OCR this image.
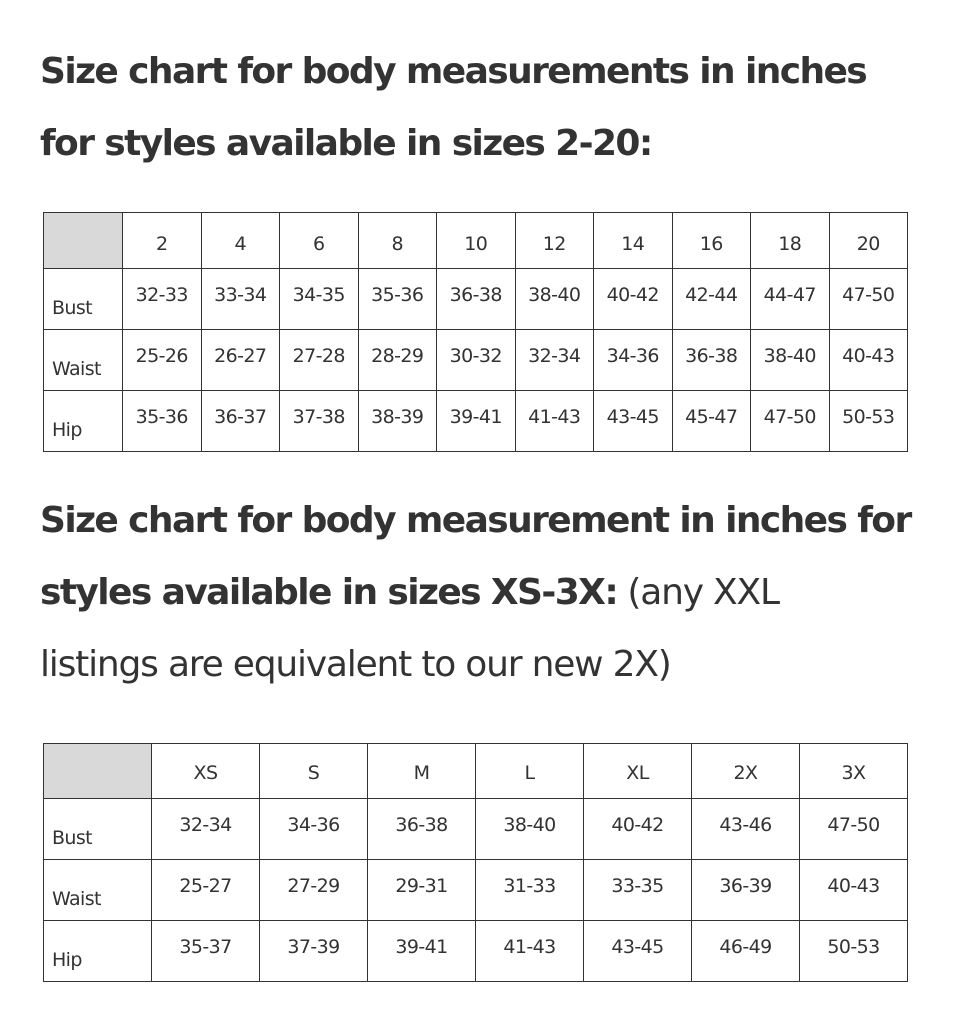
Size chart for body measurements in inches
for styles available in sizes 2-20:
	2	4	6	8	10	12	14	16	18	20
Bust	32-33	33-34	34-35	35-36	36-38	38-40	40-42	42-44	44-47	47-50
Waist	25-26	26-27	27-28	28-29	30-32	32-34	34-36	36-38	38-40	40-43
Hip	35-36	36-37	37-38	38-39	39-41	41-43	43-45	45-47	47-50	50-53
Size chart for body measurement in inches for
styles available in sizes XS-3X: (any XXL
listings are equivalent to our new 2X)
	XS	S	M	L	XL	2X	3X
Bust	32-34	34-36	36-38	38-40	40-42	43-46	47-50
Waist	25-27	27-29	29-31	31-33	33-35	36-39	40-43
Hip	35-37	37-39	39-41	41-43	43-45	46-49	50-53
